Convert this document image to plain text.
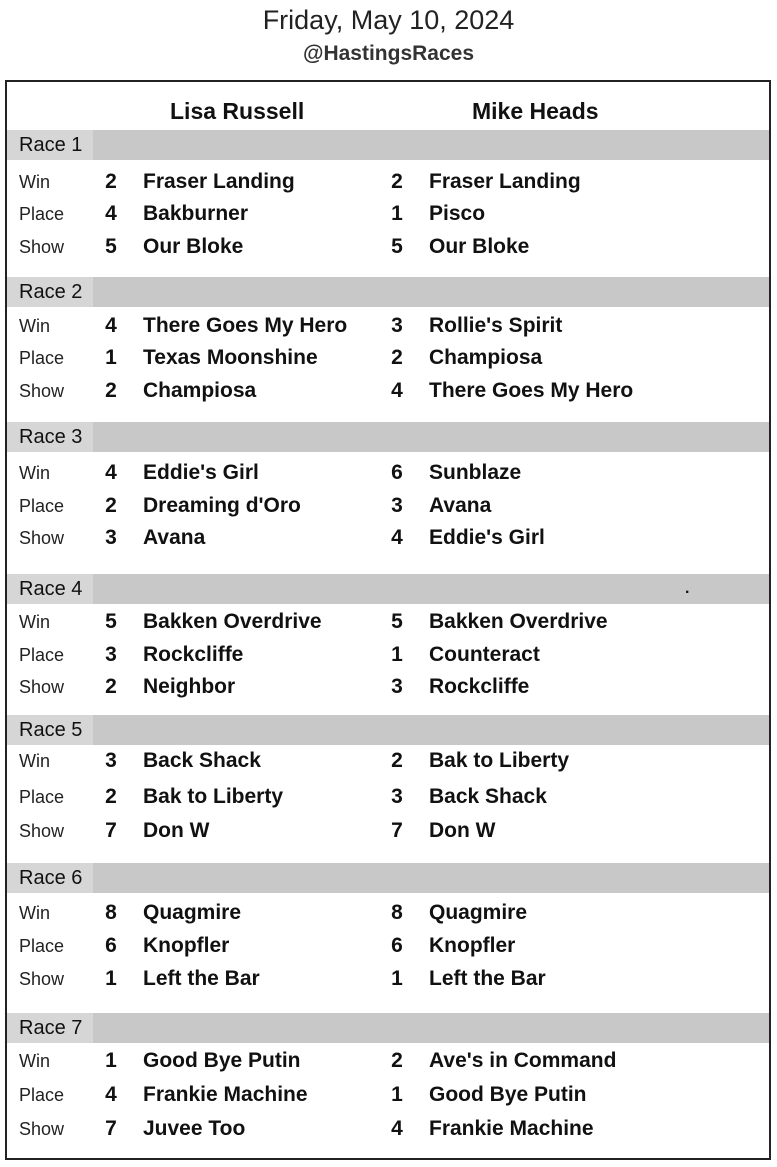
Friday, May 10, 2024
@HastingsRaces
Lisa Russell	Mike Heads
Race 1
Win	2 Fraser Landing	2 Fraser Landing
Place 4 Bakburner	1 Pisco
Show 5 Our Bloke	5 Our Bloke
Race 2
Win	4 There Goes My Hero 3 Rollie's Spirit
Place 1 Texas Moonshine	2 Champiosa
Show 2 Champiosa	4 There Goes My Hero
Race 3
Win	4 Eddie's Girl	6 Sunblaze
Place 2 Dreaming d'Oro	3 Avana
Show 3 Avana	4 Eddie's Girl
Race 4	.
Win	5 Bakken Overdrive	5 Bakken Overdrive
Place 3 Rockcliffe	1 Counteract
Show 2 Neighbor	3 Rockcliffe
Race 5
Win	3 Back Shack	2 Bak to Liberty
Place 2 Bak to Liberty	3 Back Shack
Show 7 Don W	7 Don W
Race 6
Win	8 Quagmire	8 Quagmire
Place 6 Knopfler	6 Knopfler
Show 1 Left the Bar	1 Left the Bar
Race 7
Win	1 Good Bye Putin	2 Ave's in Command
Place 4 Frankie Machine	1 Good Bye Putin
Show 7 Juvee Too	4 Frankie Machine
